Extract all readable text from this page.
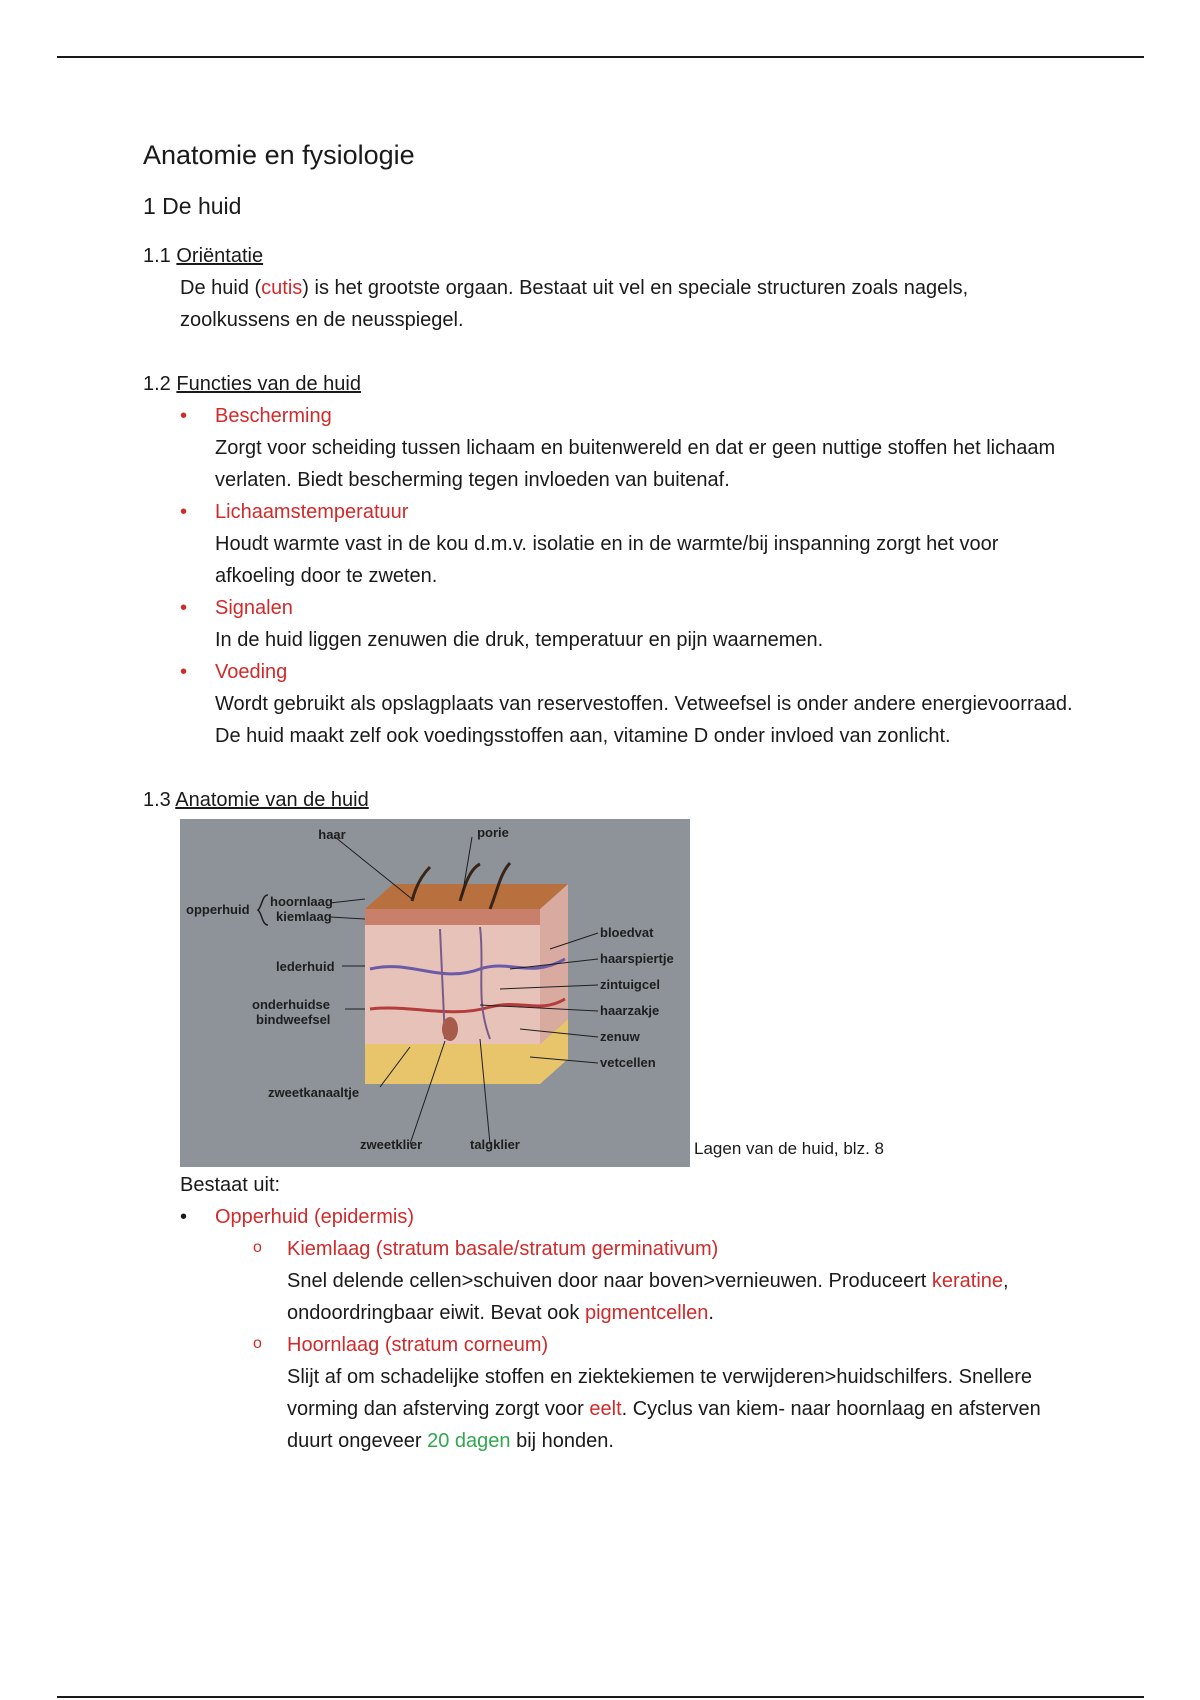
Anatomie en fysiologie
1 De huid
1.1 Oriëntatie
De huid (cutis) is het grootste orgaan. Bestaat uit vel en speciale structuren zoals nagels, zoolkussens en de neusspiegel.
1.2 Functies van de huid
• Bescherming
Zorgt voor scheiding tussen lichaam en buitenwereld en dat er geen nuttige stoffen het lichaam verlaten. Biedt bescherming tegen invloeden van buitenaf.
• Lichaamstemperatuur
Houdt warmte vast in de kou d.m.v. isolatie en in de warmte/bij inspanning zorgt het voor afkoeling door te zweten.
• Signalen
In de huid liggen zenuwen die druk, temperatuur en pijn waarnemen.
• Voeding
Wordt gebruikt als opslagplaats van reservestoffen. Vetweefsel is onder andere energievoorraad. De huid maakt zelf ook voedingsstoffen aan, vitamine D onder invloed van zonlicht.
1.3 Anatomie van de huid
haar	porie
opperhuid
hoornlaag
kiemlaag
lederhuid
onderhuidse
bindweefsel
zweetkanaaltje
zweetklier	talgklier
bloedvat
haarspiertje
zintuigcel
haarzakje
zenuw
vetcellen
Lagen van de huid, blz. 8
Bestaat uit:
• Opperhuid (epidermis)
o Kiemlaag (stratum basale/stratum germinativum)
Snel delende cellen>schuiven door naar boven>vernieuwen. Produceert keratine, ondoordringbaar eiwit. Bevat ook pigmentcellen.
o Hoornlaag (stratum corneum)
Slijt af om schadelijke stoffen en ziektekiemen te verwijderen>huidschilfers. Snellere vorming dan afsterving zorgt voor eelt. Cyclus van kiem- naar hoornlaag en afsterven duurt ongeveer 20 dagen bij honden.
